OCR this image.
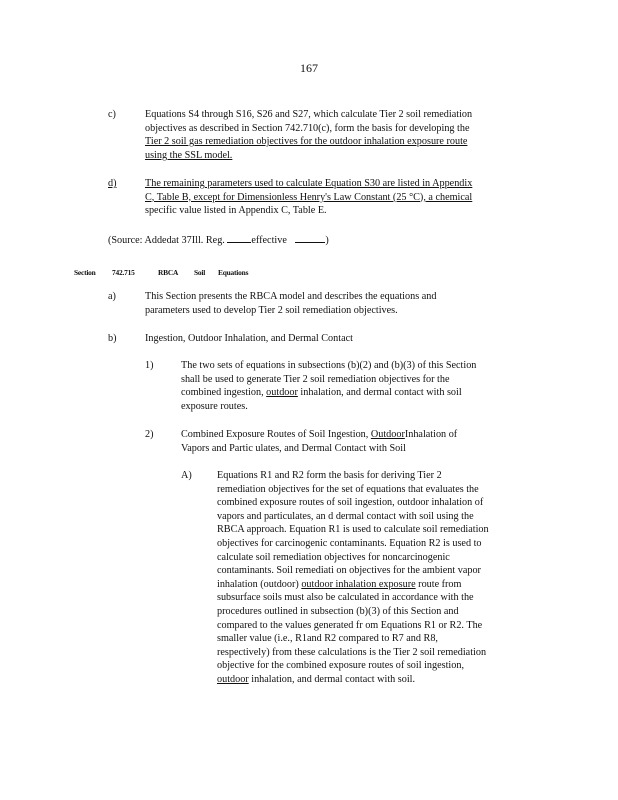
167
c)	Equations S4 through S16, S26 and S27, which calculate Tier 2 soil remediation
objectives as described in Section 742.710(c), form the basis for developing the
Tier 2 soil gas remediation objectives for the outdoor inhalation exposure route
using the SSL model.
d)	The remaining parameters used to calculate Equation S30 are listed in Appendix
C, Table B, except for Dimensionless Henry's Law Constant (25 °C), a chemical
specific value listed in Appendix C, Table E.
(Source: Addedat 37Ill. Reg.	effective	)
Section 742.715	RBCA Soil Equations
a)	This Section presents the RBCA model and describes the equations and
parameters used to develop Tier 2 soil remediation objectives.
b)	Ingestion, Outdoor Inhalation, and Dermal Contact
1)	The two sets of equations in subsections (b)(2) and (b)(3) of this Section
shall be used to generate Tier 2 soil remediation objectives for the
combined ingestion, outdoor inhalation, and dermal contact with soil
exposure routes.
2)	Combined Exposure Routes of Soil Ingestion, OutdoorInhalation of
Vapors and Partic ulates, and Dermal Contact with Soil
A)	Equations R1 and R2 form the basis for deriving Tier 2
remediation objectives for the set of equations that evaluates the
combined exposure routes of soil ingestion, outdoor inhalation of
vapors and particulates, an d dermal contact with soil using the
RBCA approach. Equation R1 is used to calculate soil remediation
objectives for carcinogenic contaminants. Equation R2 is used to
calculate soil remediation objectives for noncarcinogenic
contaminants. Soil remediati on objectives for the ambient vapor
inhalation (outdoor) outdoor inhalation exposure route from
subsurface soils must also be calculated in accordance with the
procedures outlined in subsection (b)(3) of this Section and
compared to the values generated fr om Equations R1 or R2. The
smaller value (i.e., R1and R2 compared to R7 and R8,
respectively) from these calculations is the Tier 2 soil remediation
objective for the combined exposure routes of soil ingestion,
outdoor inhalation, and dermal contact with soil.
